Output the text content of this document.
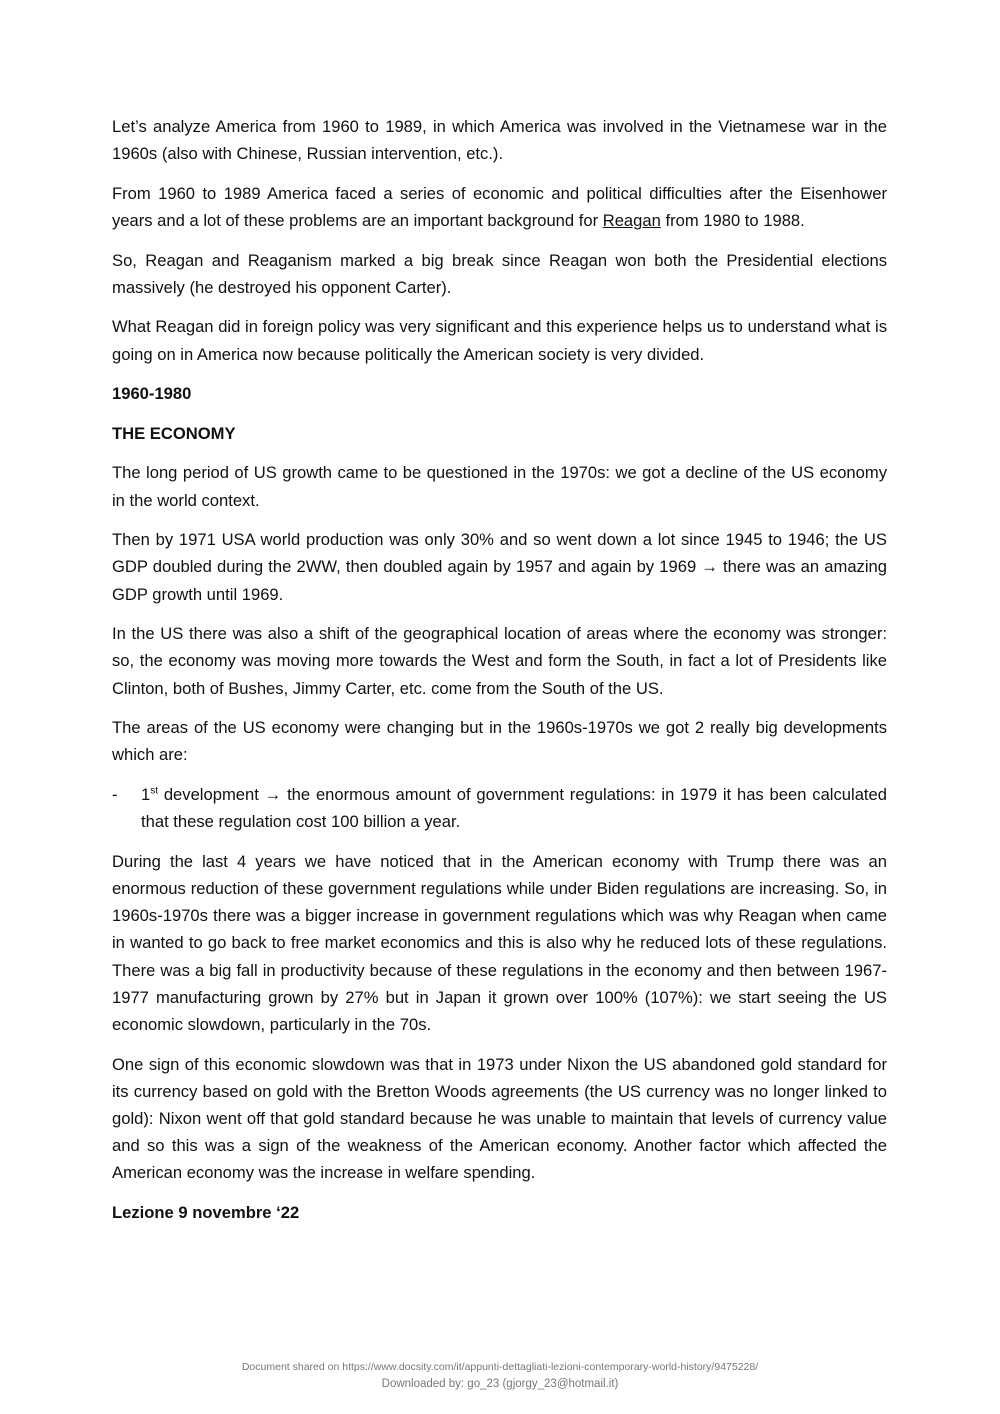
Let’s analyze America from 1960 to 1989, in which America was involved in the Vietnamese war in the 1960s (also with Chinese, Russian intervention, etc.).

From 1960 to 1989 America faced a series of economic and political difficulties after the Eisenhower years and a lot of these problems are an important background for Reagan from 1980 to 1988.

So, Reagan and Reaganism marked a big break since Reagan won both the Presidential elections massively (he destroyed his opponent Carter).

What Reagan did in foreign policy was very significant and this experience helps us to understand what is going on in America now because politically the American society is very divided.

1960-1980

THE ECONOMY

The long period of US growth came to be questioned in the 1970s: we got a decline of the US economy in the world context.

Then by 1971 USA world production was only 30% and so went down a lot since 1945 to 1946; the US GDP doubled during the 2WW, then doubled again by 1957 and again by 1969 → there was an amazing GDP growth until 1969.

In the US there was also a shift of the geographical location of areas where the economy was stronger: so, the economy was moving more towards the West and form the South, in fact a lot of Presidents like Clinton, both of Bushes, Jimmy Carter, etc. come from the South of the US.

The areas of the US economy were changing but in the 1960s-1970s we got 2 really big developments which are:

-	1st development → the enormous amount of government regulations: in 1979 it has been calculated that these regulation cost 100 billion a year.

During the last 4 years we have noticed that in the American economy with Trump there was an enormous reduction of these government regulations while under Biden regulations are increasing. So, in 1960s-1970s there was a bigger increase in government regulations which was why Reagan when came in wanted to go back to free market economics and this is also why he reduced lots of these regulations. There was a big fall in productivity because of these regulations in the economy and then between 1967-1977 manufacturing grown by 27% but in Japan it grown over 100% (107%): we start seeing the US economic slowdown, particularly in the 70s.

One sign of this economic slowdown was that in 1973 under Nixon the US abandoned gold standard for its currency based on gold with the Bretton Woods agreements (the US currency was no longer linked to gold): Nixon went off that gold standard because he was unable to maintain that levels of currency value and so this was a sign of the weakness of the American economy. Another factor which affected the American economy was the increase in welfare spending.

Lezione 9 novembre ‘22

Document shared on https://www.docsity.com/it/appunti-dettagliati-lezioni-contemporary-world-history/9475228/
Downloaded by: go_23 (gjorgy_23@hotmail.it)
